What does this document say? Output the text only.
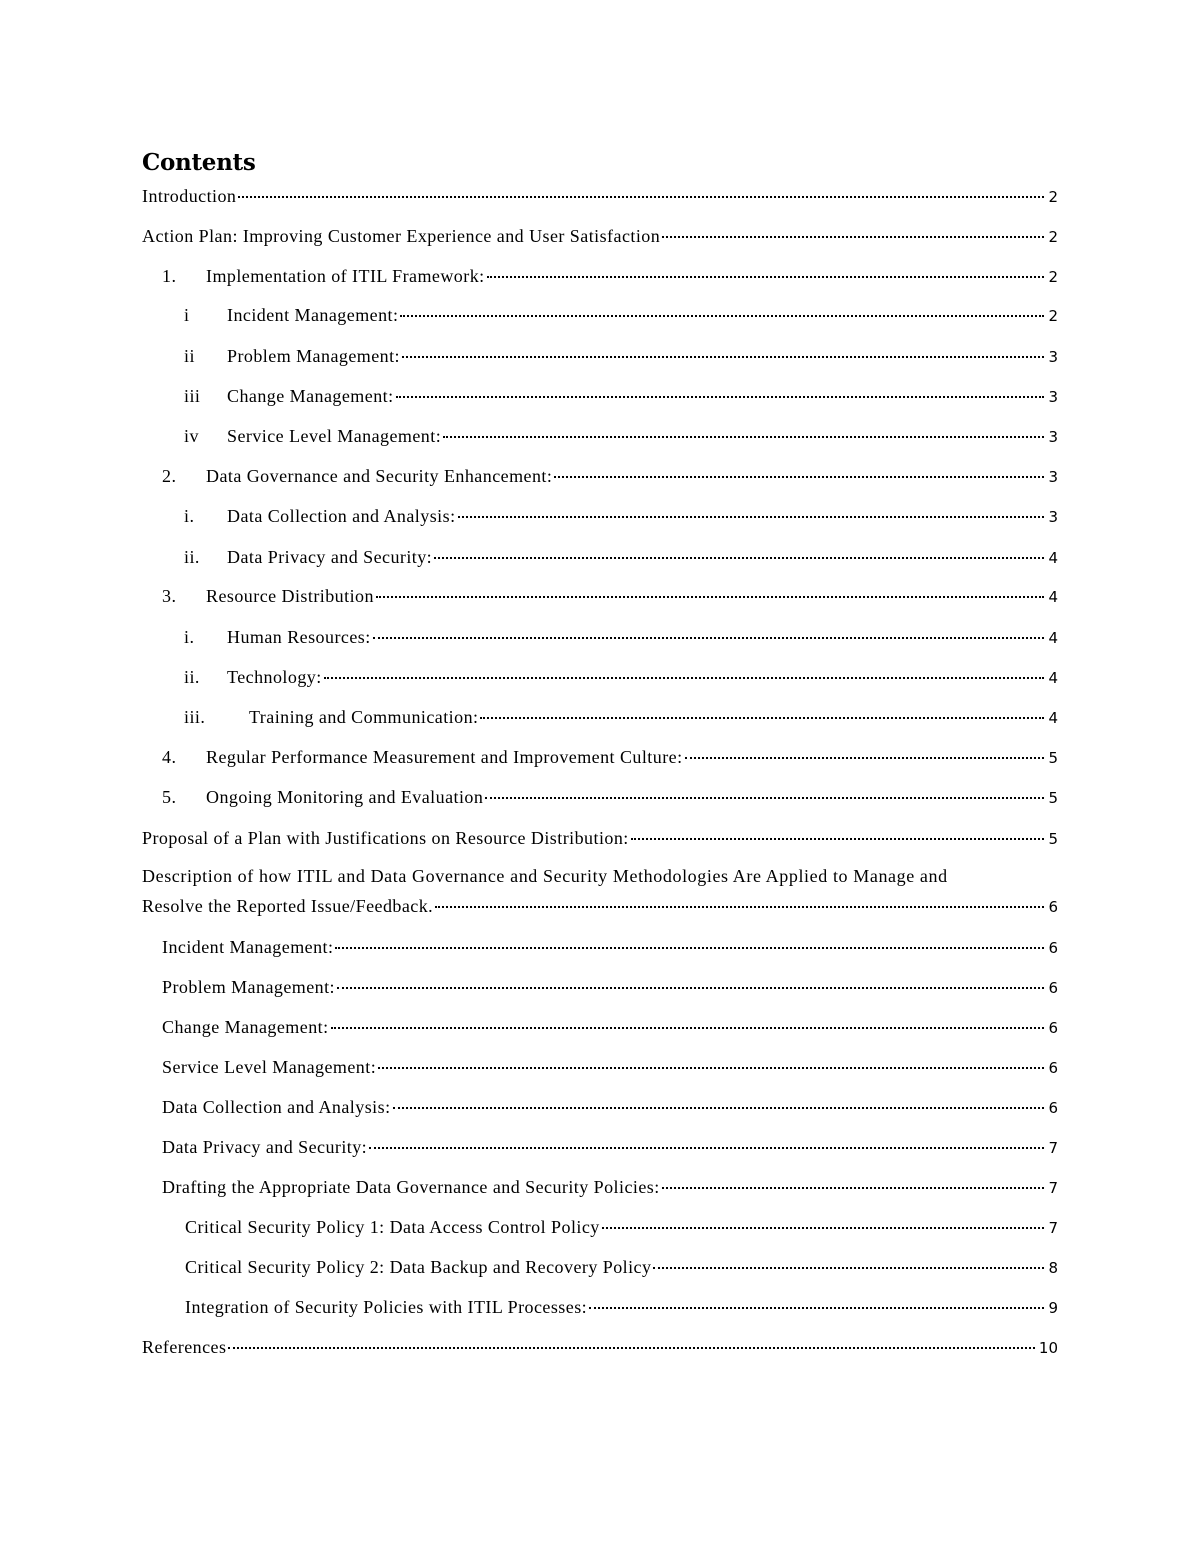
Contents
Introduction	2
Action Plan: Improving Customer Experience and User Satisfaction	2
1.	Implementation of ITIL Framework:	2
i	Incident Management:	2
ii	Problem Management:	3
iii	Change Management:	3
iv	Service Level Management:	3
2.	Data Governance and Security Enhancement:	3
i.	Data Collection and Analysis:	3
ii.	Data Privacy and Security:	4
3.	Resource Distribution	4
i.	Human Resources:	4
ii.	Technology:	4
iii.	Training and Communication:	4
4.	Regular Performance Measurement and Improvement Culture:	5
5.	Ongoing Monitoring and Evaluation	5
Proposal of a Plan with Justifications on Resource Distribution:	5
Description of how ITIL and Data Governance and Security Methodologies Are Applied to Manage and
Resolve the Reported Issue/Feedback.	6
Incident Management:	6
Problem Management:	6
Change Management:	6
Service Level Management:	6
Data Collection and Analysis:	6
Data Privacy and Security:	7
Drafting the Appropriate Data Governance and Security Policies:	7
Critical Security Policy 1: Data Access Control Policy	7
Critical Security Policy 2: Data Backup and Recovery Policy	8
Integration of Security Policies with ITIL Processes:	9
References	10
